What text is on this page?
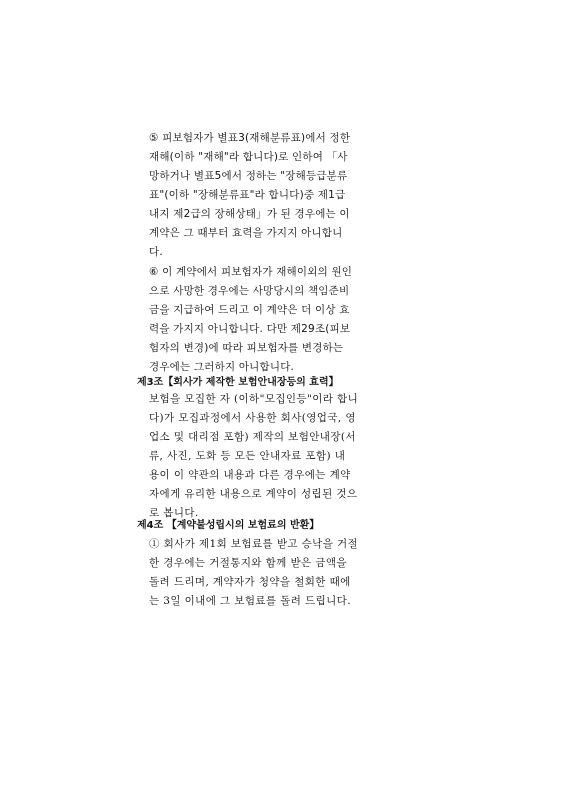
⑤ 피보험자가 별표3(재해분류표)에서 정한
재해(이하 "재해"라 합니다)로 인하여 「사
망하거나 별표5에서 정하는 "장해등급분류
표"(이하 "장해분류표"라 합니다)중 제1급
내지 제2급의 장해상태」가 된 경우에는 이
계약은 그 때부터 효력을 가지지 아니합니
다.
⑥ 이 계약에서 피보험자가 재해이외의 원인
으로 사망한 경우에는 사망당시의 책임준비
금을 지급하여 드리고 이 계약은 더 이상 효
력을 가지지 아니합니다. 다만 제29조(피보
험자의 변경)에 따라 피보험자를 변경하는
경우에는 그러하지 아니합니다.
제3조【회사가 제작한 보험안내장등의 효력】
보험을 모집한 자 (이하"모집인등"이라 합니
다)가 모집과정에서 사용한 회사(영업국, 영
업소 및 대리점 포함) 제작의 보험안내장(서
류, 사진, 도화 등 모든 안내자료 포함) 내
용이 이 약관의 내용과 다른 경우에는 계약
자에게 유리한 내용으로 계약이 성립된 것으
로 봅니다.
제4조 【계약불성립시의 보험료의 반환】
① 회사가 제1회 보험료를 받고 승낙을 거절
한 경우에는 거절통지와 함께 받은 금액을
돌려 드리며, 계약자가 청약을 철회한 때에
는 3일 이내에 그 보험료를 돌려 드립니다.
